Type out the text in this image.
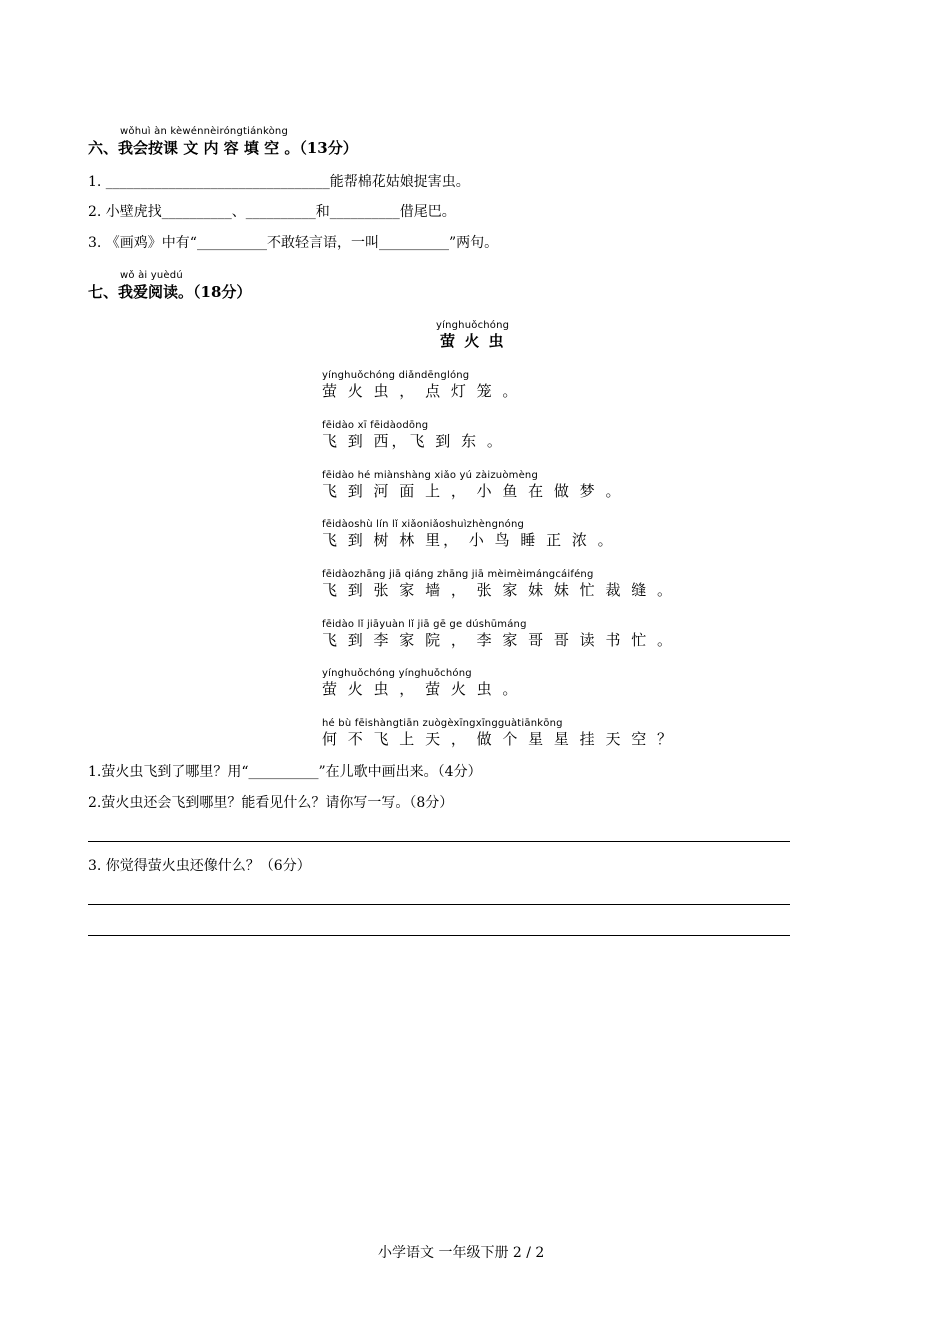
wǒhuì àn kèwénnèiróngtiánkòng
六、我会按课 文 内 容 填 空 。（13分）
1. ________________________________能帮棉花姑娘捉害虫。
2. 小壁虎找__________、__________和__________借尾巴。
3. 《画鸡》中有“__________不敢轻言语，一叫__________”两句。
wǒ ài yuèdú
七、我爱阅读。（18分）
yínghuǒchóng
萤 火 虫
yínghuǒchóng diǎndēnglóng
萤 火 虫 ， 点 灯 笼 。
fēidào xī fēidàodōng
飞 到 西，飞 到 东 。
fēidào hé miànshàng xiǎo yú zàizuòmèng
飞 到 河 面 上 ， 小 鱼 在 做 梦 。
fēidàoshù lín lǐ xiǎoniǎoshuìzhèngnóng
飞 到 树 林 里， 小 鸟 睡 正 浓 。
fēidàozhāng jiā qiáng zhāng jiā mèimèimángcáiféng
飞 到 张 家 墙 ， 张 家 妹 妹 忙 裁 缝 。
fēidào lǐ jiāyuàn lǐ jiā gē ge dúshūmáng
飞 到 李 家 院 ， 李 家 哥 哥 读 书 忙 。
yínghuǒchóng yínghuǒchóng
萤 火 虫 ， 萤 火 虫 。
hé bù fēishàngtiān zuògèxīngxīngguàtiānkōng
何 不 飞 上 天 ， 做 个 星 星 挂 天 空 ？
1.萤火虫飞到了哪里？用“__________”在儿歌中画出来。（4分）
2.萤火虫还会飞到哪里？能看见什么？请你写一写。（8分）
3. 你觉得萤火虫还像什么？（6分）
小学语文 一年级下册 2 / 2
